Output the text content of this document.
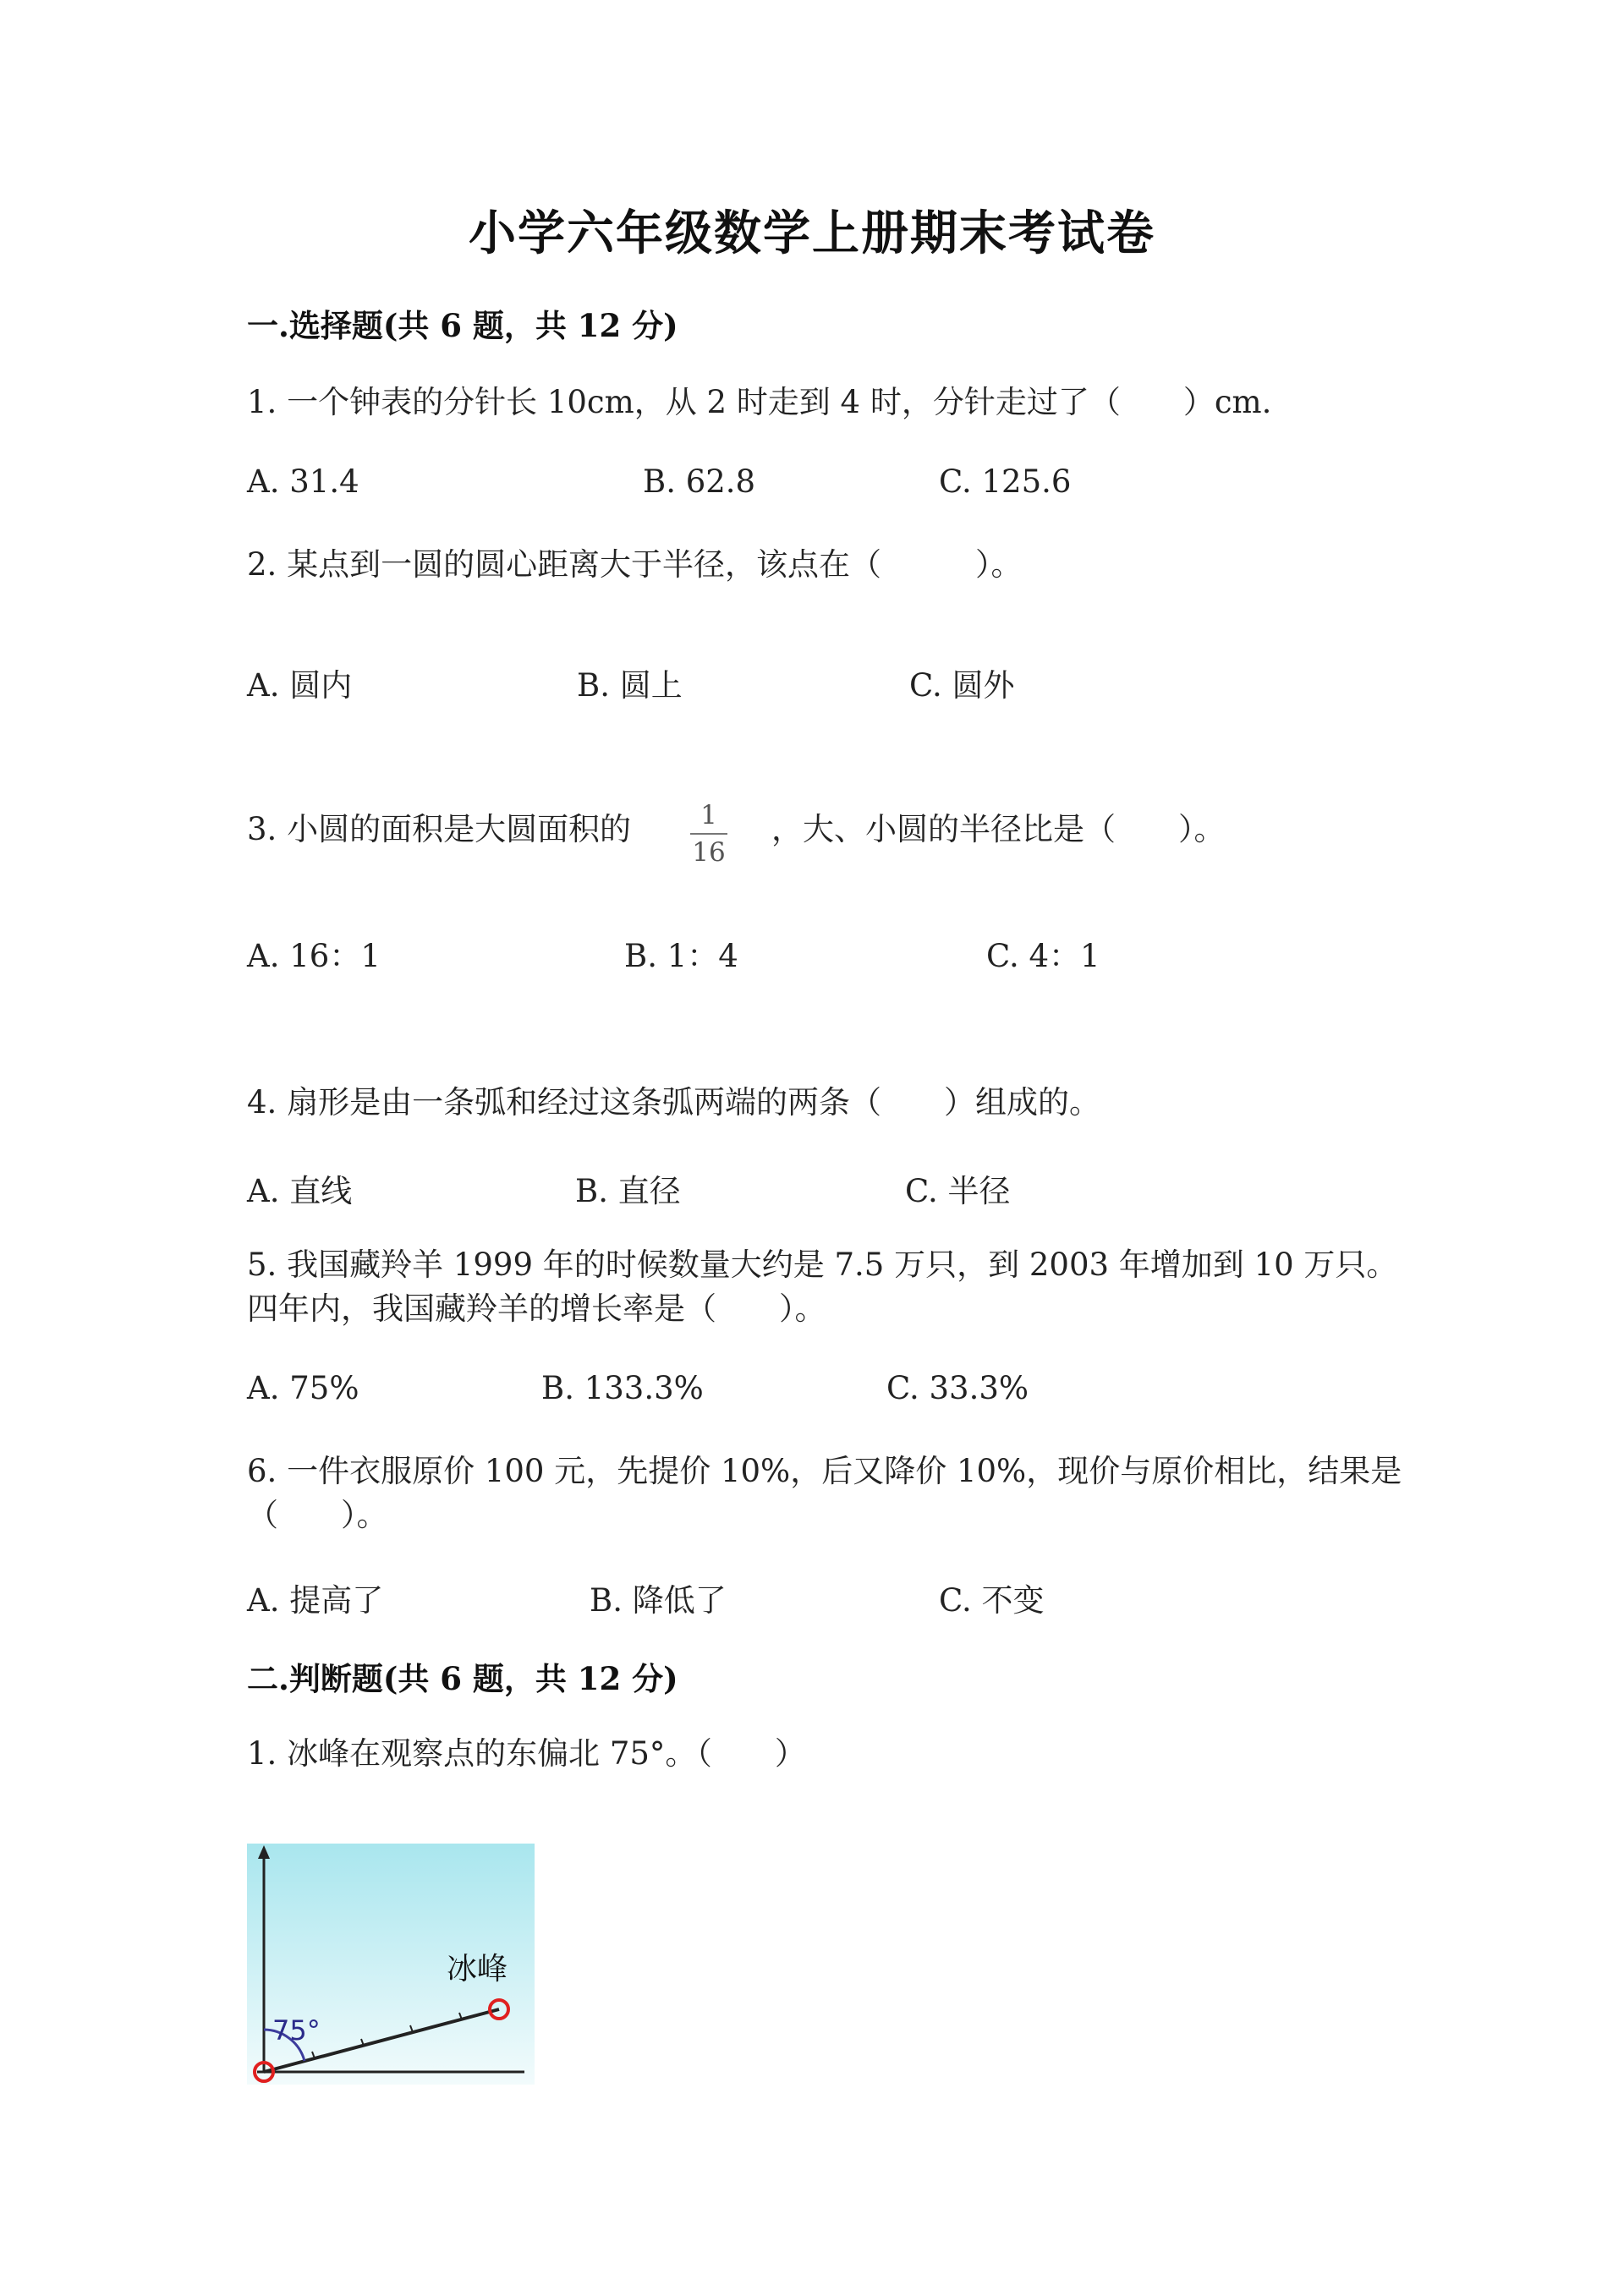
小学六年级数学上册期末考试卷
一.选择题(共 6 题，共 12 分)
1. 一个钟表的分针长 10cm，从 2 时走到 4 时，分针走过了（　　）cm.
A. 31.4	B. 62.8	C. 125.6
2. 某点到一圆的圆心距离大于半径，该点在（　　　）。
A. 圆内	B. 圆上	C. 圆外
3. 小圆的面积是大圆面积的	1
16
，大、小圆的半径比是（　　）。
A. 16：1	B. 1：4	C. 4：1
4. 扇形是由一条弧和经过这条弧两端的两条（　　）组成的。
A. 直线	B. 直径	C. 半径
5. 我国藏羚羊 1999 年的时候数量大约是 7.5 万只，到 2003 年增加到 10 万只。
四年内，我国藏羚羊的增长率是（　　）。
A. 75%	B. 133.3%	C. 33.3%
6. 一件衣服原价 100 元，先提价 10%，后又降价 10%，现价与原价相比，结果是
（　　）。
A. 提高了	B. 降低了	C. 不变
二.判断题(共 6 题，共 12 分)
1. 冰峰在观察点的东偏北 75°。（　　）
75°
冰峰
